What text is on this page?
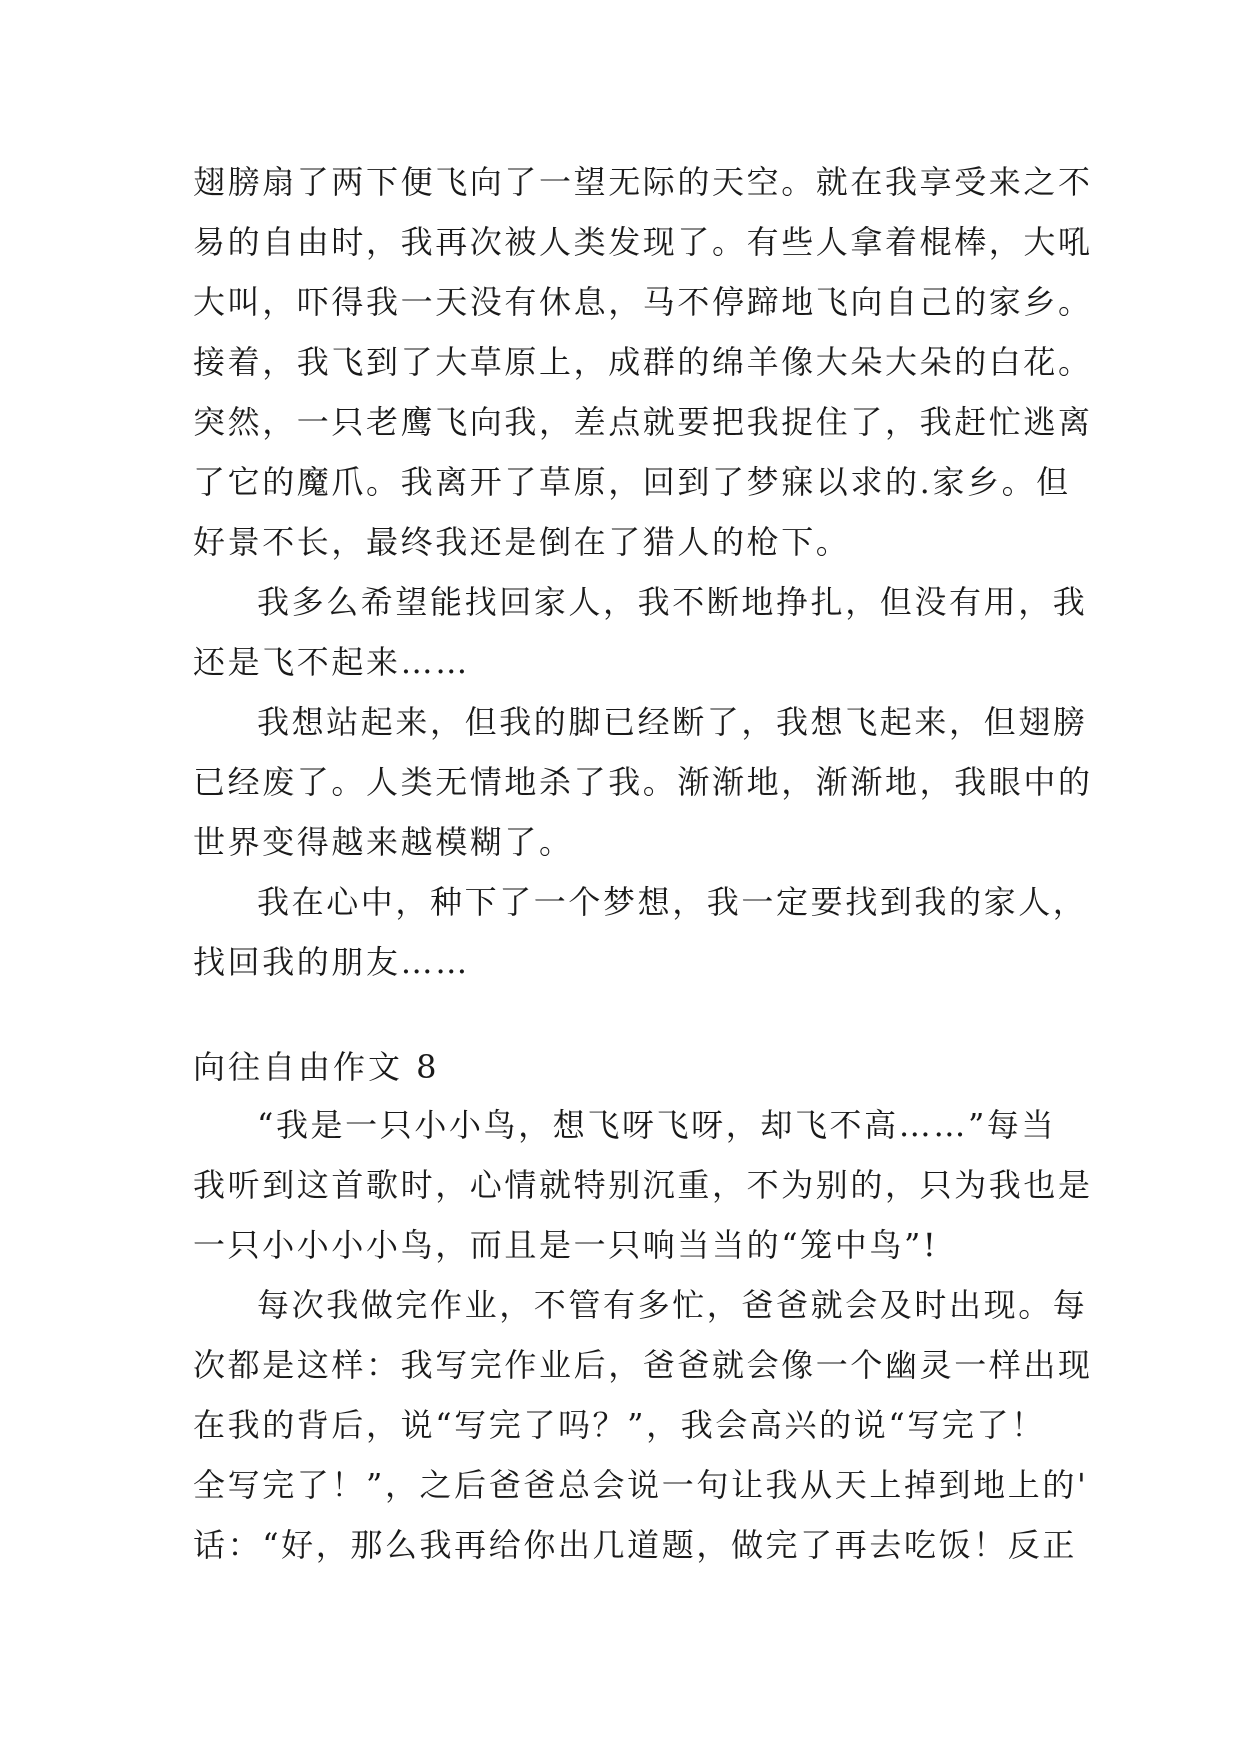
翅膀扇了两下便飞向了一望无际的天空。就在我享受来之不
易的自由时，我再次被人类发现了。有些人拿着棍棒，大吼
大叫，吓得我一天没有休息，马不停蹄地飞向自己的家乡。
接着，我飞到了大草原上，成群的绵羊像大朵大朵的白花。
突然，一只老鹰飞向我，差点就要把我捉住了，我赶忙逃离
了它的魔爪。我离开了草原，回到了梦寐以求的.家乡。但
好景不长，最终我还是倒在了猎人的枪下。
我多么希望能找回家人，我不断地挣扎，但没有用，我
还是飞不起来……
我想站起来，但我的脚已经断了，我想飞起来，但翅膀
已经废了。人类无情地杀了我。渐渐地，渐渐地，我眼中的
世界变得越来越模糊了。
我在心中，种下了一个梦想，我一定要找到我的家人，
找回我的朋友……
向往自由作文 8
“我是一只小小鸟，想飞呀飞呀，却飞不高……”每当
我听到这首歌时，心情就特别沉重，不为别的，只为我也是
一只小小小小鸟，而且是一只响当当的“笼中鸟”!
每次我做完作业，不管有多忙，爸爸就会及时出现。每
次都是这样：我写完作业后，爸爸就会像一个幽灵一样出现
在我的背后，说“写完了吗？”，我会高兴的说“写完了！
全写完了！”，之后爸爸总会说一句让我从天上掉到地上的'
话：“好，那么我再给你出几道题，做完了再去吃饭！反正
